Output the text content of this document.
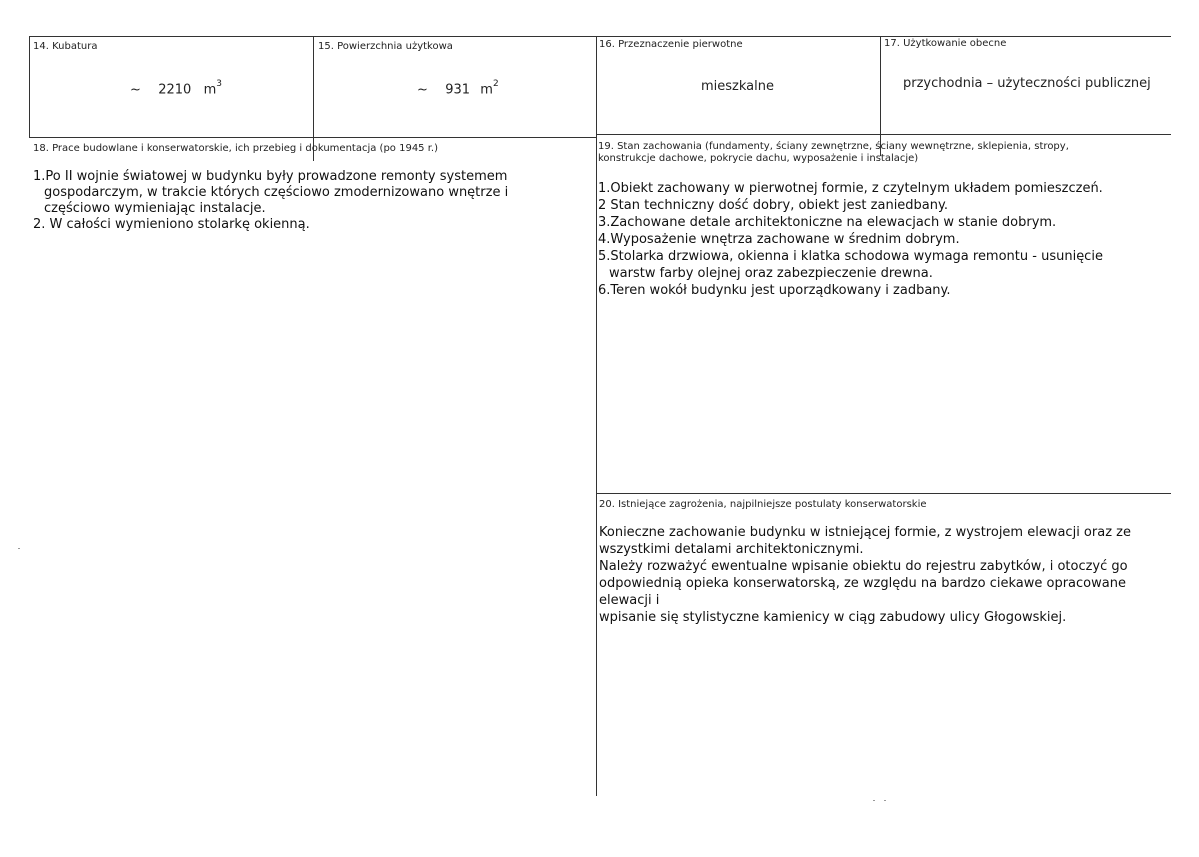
14. Kubatura
~ 2210 $m^3$
15. Powierzchnia użytkowa
~ 931 $m^2$
16. Przeznaczenie pierwotne
mieszkalne
17. Użytkowanie obecne
przychodnia – użyteczności publicznej
18. Prace budowlane i konserwatorskie, ich przebieg i dokumentacja (po 1945 r.)
1.Po II wojnie światowej w budynku były prowadzone remonty systemem
gospodarczym, w trakcie których częściowo zmodernizowano wnętrze i
częściowo wymieniając instalacje.
2. W całości wymieniono stolarkę okienną.
19. Stan zachowania (fundamenty, ściany zewnętrzne, ściany wewnętrzne, sklepienia, stropy,
konstrukcje dachowe, pokrycie dachu, wyposażenie i instalacje)
1.Obiekt zachowany w pierwotnej formie, z czytelnym układem pomieszczeń.
2 Stan techniczny dość dobry, obiekt jest zaniedbany.
3.Zachowane detale architektoniczne na elewacjach w stanie dobrym.
4.Wyposażenie wnętrza zachowane w średnim dobrym.
5.Stolarka drzwiowa, okienna i klatka schodowa wymaga remontu - usunięcie
warstw farby olejnej oraz zabezpieczenie drewna.
6.Teren wokół budynku jest uporządkowany i zadbany.
20. Istniejące zagrożenia, najpilniejsze postulaty konserwatorskie
Konieczne zachowanie budynku w istniejącej formie, z wystrojem elewacji oraz ze
wszystkimi detalami architektonicznymi.
Należy rozważyć ewentualne wpisanie obiektu do rejestru zabytków, i otoczyć go
odpowiednią opieka konserwatorską, ze względu na bardzo ciekawe opracowane elewacji i
wpisanie się stylistyczne kamienicy w ciąg zabudowy ulicy Głogowskiej.
